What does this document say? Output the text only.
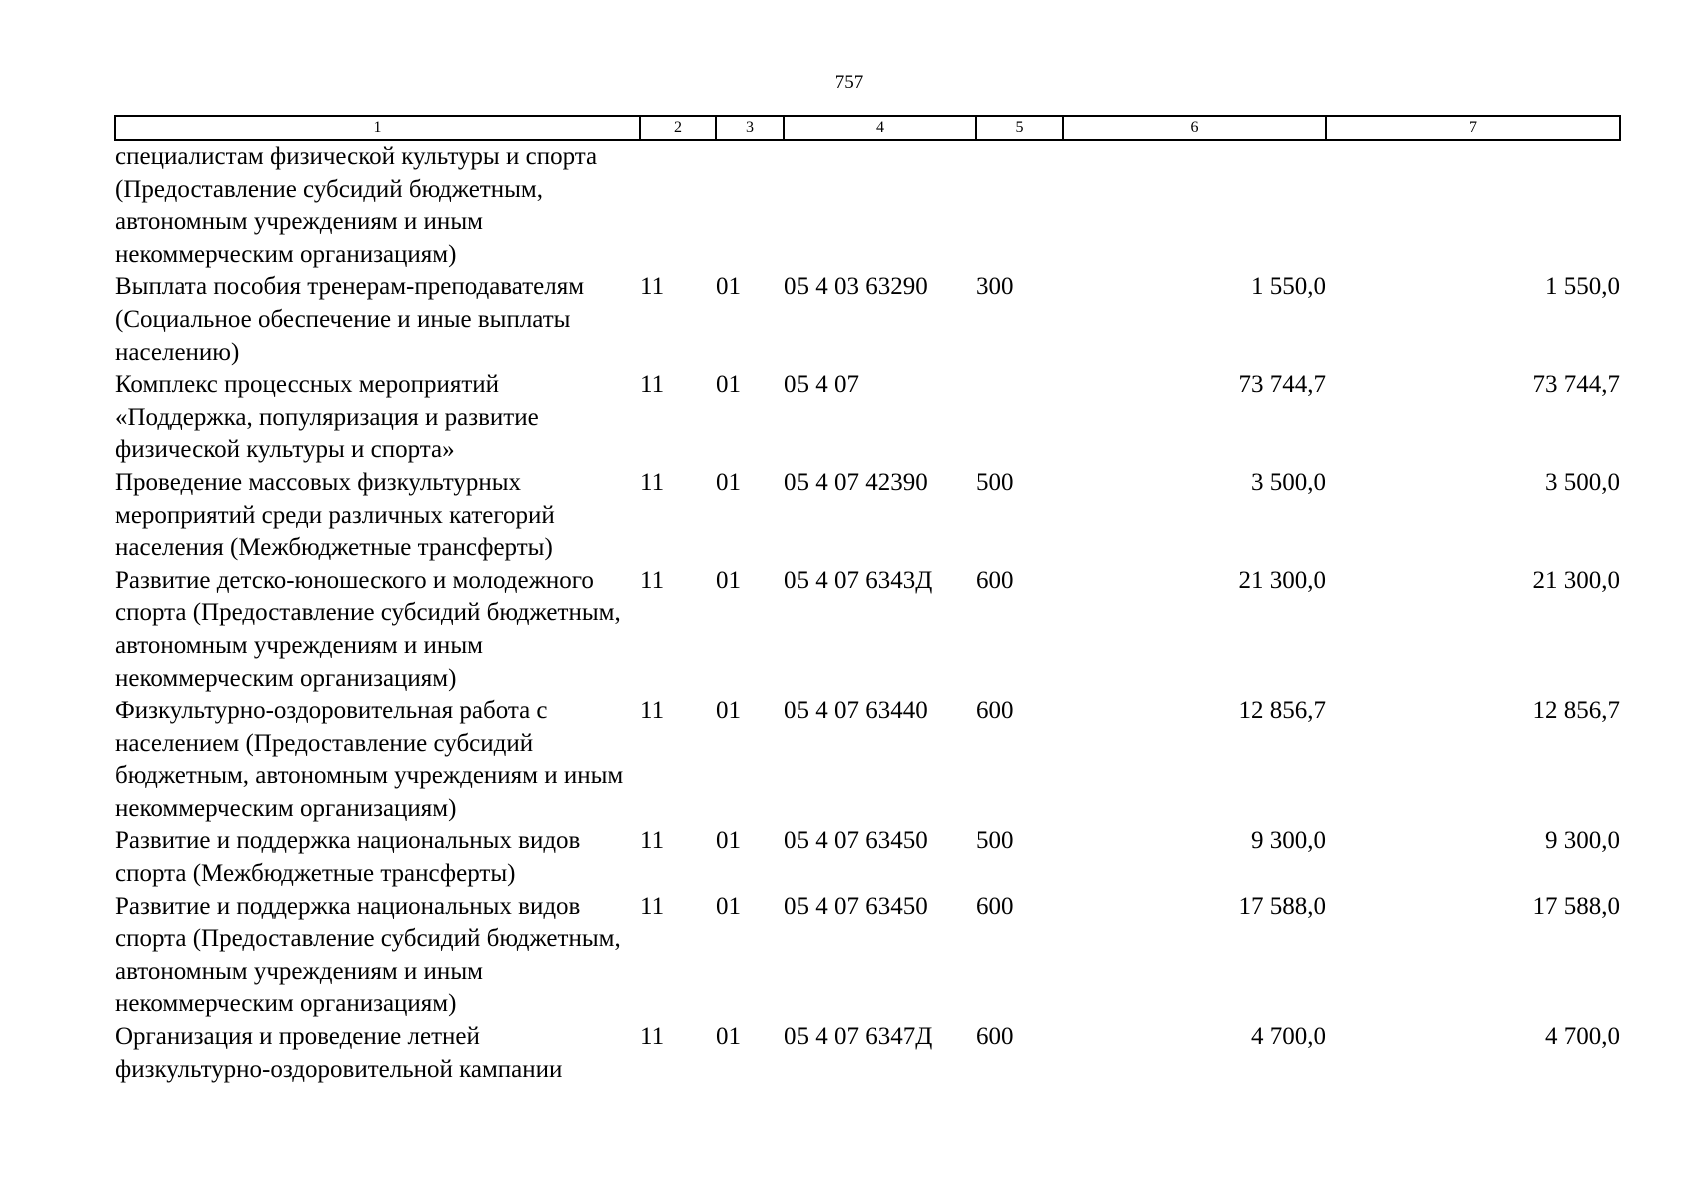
757
1	2	3	4	5	6	7
специалистам физической культуры и спорта (Предоставление субсидий бюджетным, автономным учреждениям и иным некоммерческим организациям)						
Выплата пособия тренерам-преподавателям (Социальное обеспечение и иные выплаты населению)	11	01	05 4 03 63290	300	1 550,0	1 550,0
Комплекс процессных мероприятий «Поддержка, популяризация и развитие физической культуры и спорта»	11	01	05 4 07		73 744,7	73 744,7
Проведение массовых физкультурных мероприятий среди различных категорий населения (Межбюджетные трансферты)	11	01	05 4 07 42390	500	3 500,0	3 500,0
Развитие детско-юношеского и молодежного спорта (Предоставление субсидий бюджетным, автономным учреждениям и иным некоммерческим организациям)	11	01	05 4 07 6343Д	600	21 300,0	21 300,0
Физкультурно-оздоровительная работа с населением (Предоставление субсидий бюджетным, автономным учреждениям и иным некоммерческим организациям)	11	01	05 4 07 63440	600	12 856,7	12 856,7
Развитие и поддержка национальных видов спорта (Межбюджетные трансферты)	11	01	05 4 07 63450	500	9 300,0	9 300,0
Развитие и поддержка национальных видов спорта (Предоставление субсидий бюджетным, автономным учреждениям и иным некоммерческим организациям)	11	01	05 4 07 63450	600	17 588,0	17 588,0
Организация и проведение летней физкультурно-оздоровительной кампании	11	01	05 4 07 6347Д	600	4 700,0	4 700,0
